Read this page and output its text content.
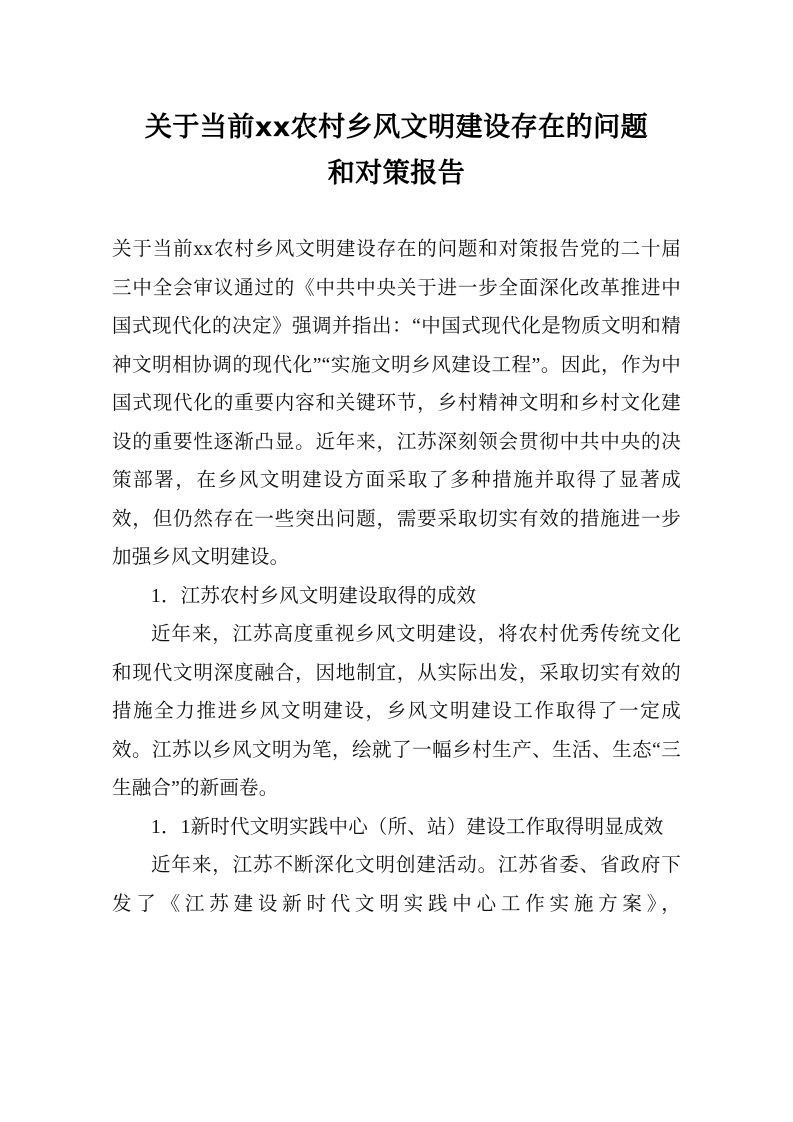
关于当前xx农村乡风文明建设存在的问题
和对策报告

关于当前xx农村乡风文明建设存在的问题和对策报告党的二十届三中全会审议通过的《中共中央关于进一步全面深化改革推进中国式现代化的决定》强调并指出：“中国式现代化是物质文明和精神文明相协调的现代化”“实施文明乡风建设工程”。因此，作为中国式现代化的重要内容和关键环节，乡村精神文明和乡村文化建设的重要性逐渐凸显。近年来，江苏深刻领会贯彻中共中央的决策部署，在乡风文明建设方面采取了多种措施并取得了显著成效，但仍然存在一些突出问题，需要采取切实有效的措施进一步加强乡风文明建设。

1．江苏农村乡风文明建设取得的成效

近年来，江苏高度重视乡风文明建设，将农村优秀传统文化和现代文明深度融合，因地制宜，从实际出发，采取切实有效的措施全力推进乡风文明建设，乡风文明建设工作取得了一定成效。江苏以乡风文明为笔，绘就了一幅乡村生产、生活、生态“三生融合”的新画卷。

1．1新时代文明实践中心（所、站）建设工作取得明显成效

近年来，江苏不断深化文明创建活动。江苏省委、省政府下发了《江苏建设新时代文明实践中心工作实施方案》，
